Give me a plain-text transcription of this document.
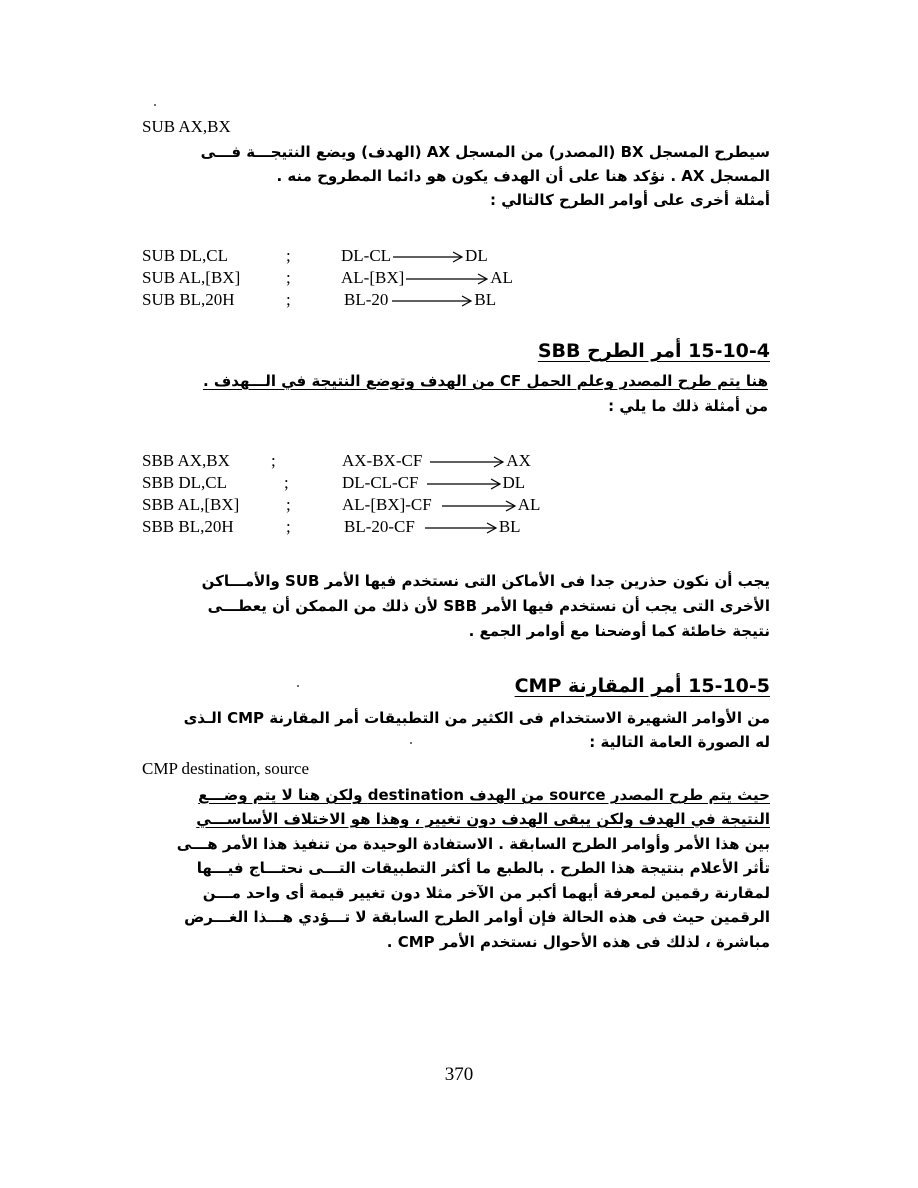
SUB AX,BX
سيطرح المسجل BX (المصدر) من المسجل AX (الهدف) ويضع النتيجـــة فـــى
المسجل AX . نؤكد هنا على أن الهدف يكون هو دائما المطروح منه .
أمثلة أخرى على أوامر الطرح كالتالي :
SUB DL,CL	;	DL-CL	DL
SUB AL,[BX]	;	AL-[BX]	AL
SUB BL,20H	;	BL-20	BL
15-10-4 أمر الطرح SBB
هنا يتم طرح المصدر وعلم الحمل CF من الهدف وتوضع النتيجة في الـــهدف .
من أمثلة ذلك ما يلي :
SBB AX,BX ;	AX-BX-CF	AX
SBB DL,CL	;	DL-CL-CF	DL
SBB AL,[BX]	;	AL-[BX]-CF	AL
SBB BL,20H	;	BL-20-CF	BL
يجب أن نكون حذرين جدا فى الأماكن التى نستخدم فيها الأمر SUB والأمـــاكن
الأخرى التى يجب أن نستخدم فيها الأمر SBB لأن ذلك من الممكن أن يعطـــى
نتيجة خاطئة كما أوضحنا مع أوامر الجمع .
15-10-5 أمر المقارنة CMP
من الأوامر الشهيرة الاستخدام فى الكثير من التطبيقات أمر المقارنة CMP الـذى
له الصورة العامة التالية :
CMP destination, source
حيث يتم طرح المصدر source من الهدف destination ولكن هنا لا يتم وضـــع
النتيجة في الهدف ولكن يبقى الهدف دون تغيير ، وهذا هو الاختلاف الأساســـي
بين هذا الأمر وأوامر الطرح السابقة . الاستفادة الوحيدة من تنفيذ هذا الأمر هـــى
تأثر الأعلام بنتيجة هذا الطرح . بالطبع ما أكثر التطبيقات التـــى نحتـــاج فيـــها
لمقارنة رقمين لمعرفة أيهما أكبر من الآخر مثلا دون تغيير قيمة أى واحد مـــن
الرقمين حيث فى هذه الحالة فإن أوامر الطرح السابقة لا تـــؤدي هـــذا الغـــرض
مباشرة ، لذلك فى هذه الأحوال نستخدم الأمر CMP .
370
